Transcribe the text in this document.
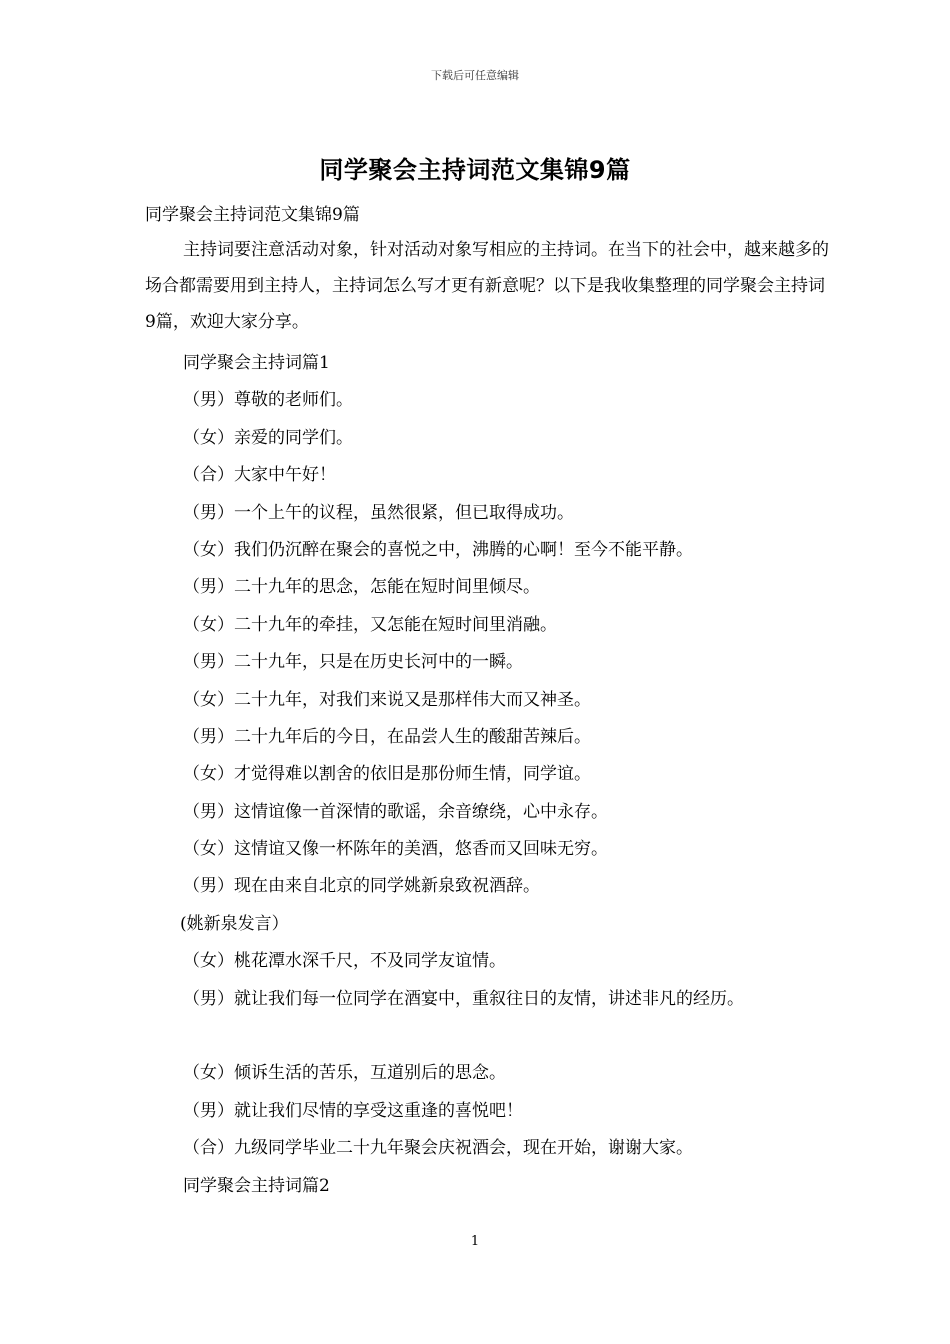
下载后可任意编辑
同学聚会主持词范文集锦9篇
同学聚会主持词范文集锦9篇

主持词要注意活动对象，针对活动对象写相应的主持词。在当下的社会中，越来越多的场合都需要用到主持人，主持词怎么写才更有新意呢？以下是我收集整理的同学聚会主持词9篇，欢迎大家分享。

同学聚会主持词篇1
（男）尊敬的老师们。
（女）亲爱的同学们。
（合）大家中午好！
（男）一个上午的议程，虽然很紧，但已取得成功。
（女）我们仍沉醉在聚会的喜悦之中，沸腾的心啊！至今不能平静。
（男）二十九年的思念，怎能在短时间里倾尽。
（女）二十九年的牵挂，又怎能在短时间里消融。
（男）二十九年，只是在历史长河中的一瞬。
（女）二十九年，对我们来说又是那样伟大而又神圣。
（男）二十九年后的今日，在品尝人生的酸甜苦辣后。
（女）才觉得难以割舍的依旧是那份师生情，同学谊。
（男）这情谊像一首深情的歌谣，余音缭绕，心中永存。
（女）这情谊又像一杯陈年的美酒，悠香而又回味无穷。
（男）现在由来自北京的同学姚新泉致祝酒辞。
(姚新泉发言）
（女）桃花潭水深千尺，不及同学友谊情。
（男）就让我们每一位同学在酒宴中，重叙往日的友情，讲述非凡的经历。
（女）倾诉生活的苦乐，互道别后的思念。
（男）就让我们尽情的享受这重逢的喜悦吧！
（合）九级同学毕业二十九年聚会庆祝酒会，现在开始，谢谢大家。
同学聚会主持词篇2
1
